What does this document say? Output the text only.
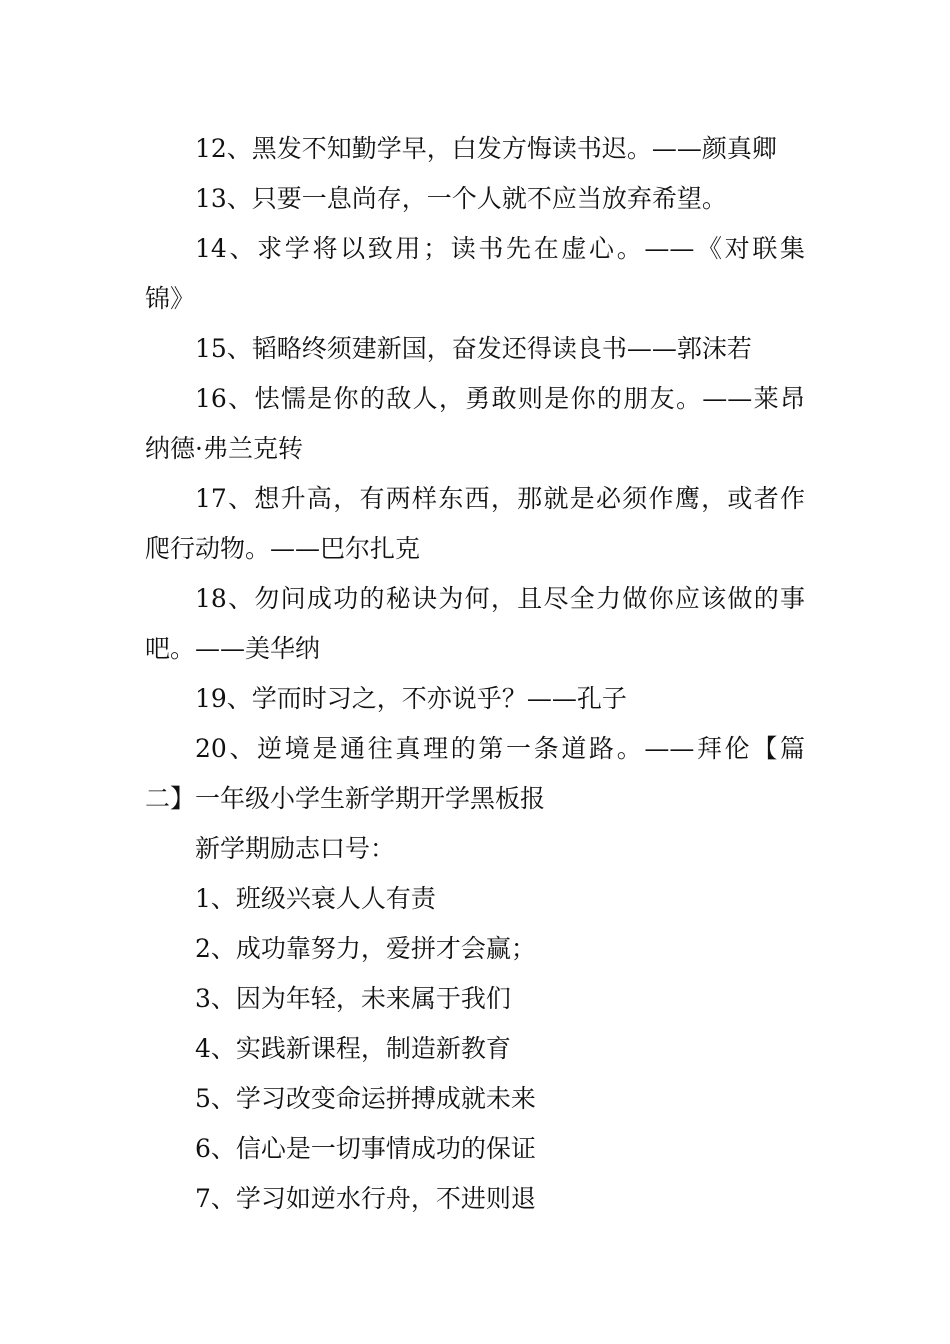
12、黑发不知勤学早，白发方悔读书迟。——颜真卿
13、只要一息尚存，一个人就不应当放弃希望。
14、求学将以致用；读书先在虚心。——《对联集
锦》
15、韬略终须建新国，奋发还得读良书——郭沫若
16、怯懦是你的敌人，勇敢则是你的朋友。——莱昂
纳德·弗兰克转
17、想升高，有两样东西，那就是必须作鹰，或者作
爬行动物。——巴尔扎克
18、勿问成功的秘诀为何，且尽全力做你应该做的事
吧。——美华纳
19、学而时习之，不亦说乎？——孔子
20、逆境是通往真理的第一条道路。——拜伦【篇
二】一年级小学生新学期开学黑板报
新学期励志口号：
1、班级兴衰人人有责
2、成功靠努力，爱拼才会赢；
3、因为年轻，未来属于我们
4、实践新课程，制造新教育
5、学习改变命运拼搏成就未来
6、信心是一切事情成功的保证
7、学习如逆水行舟，不进则退
